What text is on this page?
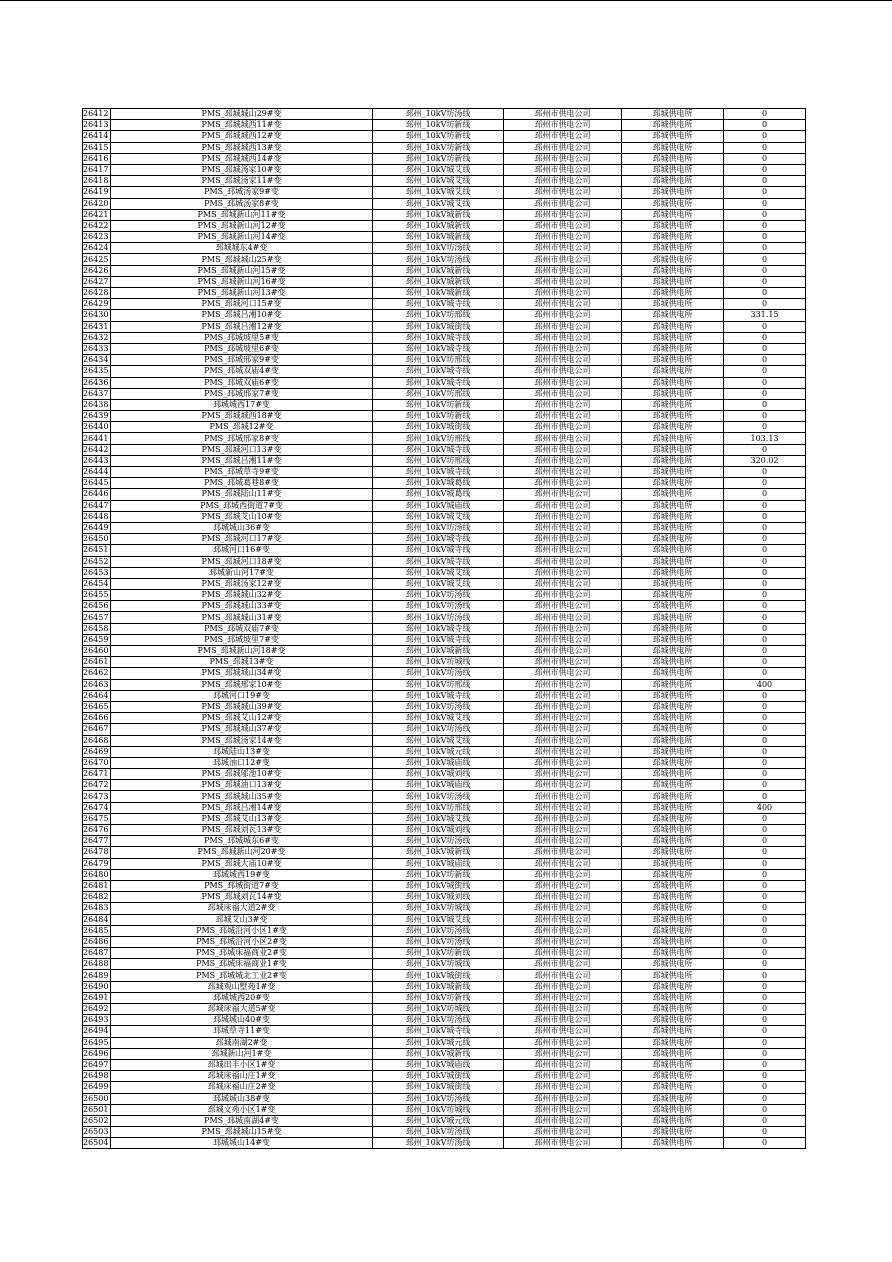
26412	PMS_邳城城山29#变	邳州_10kV坊汤线	邳州市供电公司	邳城供电所	0
26413	PMS_邳城城西11#变	邳州_10kV坊新线	邳州市供电公司	邳城供电所	0
26414	PMS_邳城城西12#变	邳州_10kV坊新线	邳州市供电公司	邳城供电所	0
26415	PMS_邳城城西13#变	邳州_10kV坊新线	邳州市供电公司	邳城供电所	0
26416	PMS_邳城城西14#变	邳州_10kV坊新线	邳州市供电公司	邳城供电所	0
26417	PMS_邳城汤家10#变	邳州_10kV城艾线	邳州市供电公司	邳城供电所	0
26418	PMS_邳城汤家11#变	邳州_10kV城艾线	邳州市供电公司	邳城供电所	0
26419	PMS_邳城汤家9#变	邳州_10kV城艾线	邳州市供电公司	邳城供电所	0
26420	PMS_邳城汤家8#变	邳州_10kV城艾线	邳州市供电公司	邳城供电所	0
26421	PMS_邳城新山河11#变	邳州_10kV城新线	邳州市供电公司	邳城供电所	0
26422	PMS_邳城新山河12#变	邳州_10kV城新线	邳州市供电公司	邳城供电所	0
26423	PMS_邳城新山河14#变	邳州_10kV城新线	邳州市供电公司	邳城供电所	0
26424	邳城城东4#变	邳州_10kV坊汤线	邳州市供电公司	邳城供电所	0
26425	PMS_邳城城山25#变	邳州_10kV坊汤线	邳州市供电公司	邳城供电所	0
26426	PMS_邳城新山河15#变	邳州_10kV城新线	邳州市供电公司	邳城供电所	0
26427	PMS_邳城新山河16#变	邳州_10kV城新线	邳州市供电公司	邳城供电所	0
26428	PMS_邳城新山河13#变	邳州_10kV城新线	邳州市供电公司	邳城供电所	0
26429	PMS_邳城河口15#变	邳州_10kV城寺线	邳州市供电公司	邳城供电所	0
26430	PMS_邳城吕湘10#变	邳州_10kV坊邢线	邳州市供电公司	邳城供电所	331.15
26431	PMS_邳城吕湘12#变	邳州_10kV城街线	邳州市供电公司	邳城供电所	0
26432	PMS_邳城坡里5#变	邳州_10kV城寺线	邳州市供电公司	邳城供电所	0
26433	PMS_邳城坡里6#变	邳州_10kV城寺线	邳州市供电公司	邳城供电所	0
26434	PMS_邳城邢家9#变	邳州_10kV坊邢线	邳州市供电公司	邳城供电所	0
26435	PMS_邳城双庙4#变	邳州_10kV城寺线	邳州市供电公司	邳城供电所	0
26436	PMS_邳城双庙6#变	邳州_10kV城寺线	邳州市供电公司	邳城供电所	0
26437	PMS_邳城邢家7#变	邳州_10kV坊邢线	邳州市供电公司	邳城供电所	0
26438	邳城城西17#变	邳州_10kV坊新线	邳州市供电公司	邳城供电所	0
26439	PMS_邳城城西18#变	邳州_10kV坊新线	邳州市供电公司	邳城供电所	0
26440	PMS_邳城12#变	邳州_10kV城街线	邳州市供电公司	邳城供电所	0
26441	PMS_邳城邢家8#变	邳州_10kV坊邢线	邳州市供电公司	邳城供电所	103.13
26442	PMS_邳城河口13#变	邳州_10kV城寺线	邳州市供电公司	邳城供电所	0
26443	PMS_邳城吕湘11#变	邳州_10kV坊邢线	邳州市供电公司	邳城供电所	320.02
26444	PMS_邳城草寺9#变	邳州_10kV城寺线	邳州市供电公司	邳城供电所	0
26445	PMS_邳城葛巷8#变	邳州_10kV城葛线	邳州市供电公司	邳城供电所	0
26446	PMS_邳城陆山11#变	邳州_10kV城葛线	邳州市供电公司	邳城供电所	0
26447	PMS_邳城西街道7#变	邳州_10kV城庙线	邳州市供电公司	邳城供电所	0
26448	PMS_邳城艾山10#变	邳州_10kV城艾线	邳州市供电公司	邳城供电所	0
26449	邳城城山36#变	邳州_10kV坊汤线	邳州市供电公司	邳城供电所	0
26450	PMS_邳城河口17#变	邳州_10kV城寺线	邳州市供电公司	邳城供电所	0
26451	邳城河口16#变	邳州_10kV城寺线	邳州市供电公司	邳城供电所	0
26452	PMS_邳城河口18#变	邳州_10kV城寺线	邳州市供电公司	邳城供电所	0
26453	邳城新山河17#变	邳州_10kV城艾线	邳州市供电公司	邳城供电所	0
26454	PMS_邳城汤家12#变	邳州_10kV城艾线	邳州市供电公司	邳城供电所	0
26455	PMS_邳城城山32#变	邳州_10kV坊汤线	邳州市供电公司	邳城供电所	0
26456	PMS_邳城城山33#变	邳州_10kV坊汤线	邳州市供电公司	邳城供电所	0
26457	PMS_邳城城山31#变	邳州_10kV坊汤线	邳州市供电公司	邳城供电所	0
26458	PMS_邳城双庙7#变	邳州_10kV城寺线	邳州市供电公司	邳城供电所	0
26459	PMS_邳城坡里7#变	邳州_10kV城寺线	邳州市供电公司	邳城供电所	0
26460	PMS_邳城新山河18#变	邳州_10kV城新线	邳州市供电公司	邳城供电所	0
26461	PMS_邳城13#变	邳州_10kV坊城线	邳州市供电公司	邳城供电所	0
26462	PMS_邳城城山34#变	邳州_10kV坊汤线	邳州市供电公司	邳城供电所	0
26463	PMS_邳城邢家10#变	邳州_10kV坊邢线	邳州市供电公司	邳城供电所	400
26464	邳城河口19#变	邳州_10kV城寺线	邳州市供电公司	邳城供电所	0
26465	PMS_邳城城山39#变	邳州_10kV坊汤线	邳州市供电公司	邳城供电所	0
26466	PMS_邳城艾山12#变	邳州_10kV城艾线	邳州市供电公司	邳城供电所	0
26467	PMS_邳城城山37#变	邳州_10kV坊汤线	邳州市供电公司	邳城供电所	0
26468	PMS_邳城汤家14#变	邳州_10kV城艾线	邳州市供电公司	邳城供电所	0
26469	邳城陆山13#变	邳州_10kV城元线	邳州市供电公司	邳城供电所	0
26470	邳城油口12#变	邳州_10kV城庙线	邳州市供电公司	邳城供电所	0
26471	PMS_邳城邬池10#变	邳州_10kV城刘线	邳州市供电公司	邳城供电所	0
26472	PMS_邳城油口13#变	邳州_10kV城庙线	邳州市供电公司	邳城供电所	0
26473	PMS_邳城城山35#变	邳州_10kV坊汤线	邳州市供电公司	邳城供电所	0
26474	PMS_邳城吕湘14#变	邳州_10kV坊邢线	邳州市供电公司	邳城供电所	400
26475	PMS_邳城艾山13#变	邳州_10kV城艾线	邳州市供电公司	邳城供电所	0
26476	PMS_邳城刘瓦13#变	邳州_10kV城刘线	邳州市供电公司	邳城供电所	0
26477	PMS_邳城城东6#变	邳州_10kV坊汤线	邳州市供电公司	邳城供电所	0
26478	PMS_邳城新山河20#变	邳州_10kV城新线	邳州市供电公司	邳城供电所	0
26479	PMS_邳城大庙10#变	邳州_10kV城庙线	邳州市供电公司	邳城供电所	0
26480	邳城城西19#变	邳州_10kV坊新线	邳州市供电公司	邳城供电所	0
26481	PMS_邳城街道7#变	邳州_10kV城街线	邳州市供电公司	邳城供电所	0
26482	PMS_邳城刘瓦14#变	邳州_10kV城刘线	邳州市供电公司	邳城供电所	0
26483	邳城床福大道2#变	邳州_10kV坊城线	邳州市供电公司	邳城供电所	0
26484	邳城艾山3#变	邳州_10kV城艾线	邳州市供电公司	邳城供电所	0
26485	PMS_邳城沿河小区1#变	邳州_10kV坊汤线	邳州市供电公司	邳城供电所	0
26486	PMS_邳城沿河小区2#变	邳州_10kV坊汤线	邳州市供电公司	邳城供电所	0
26487	PMS_邳城床福商业2#变	邳州_10kV坊新线	邳州市供电公司	邳城供电所	0
26488	PMS_邳城床福商业1#变	邳州_10kV坊城线	邳州市供电公司	邳城供电所	0
26489	PMS_邳城城北工业2#变	邳州_10kV城街线	邳州市供电公司	邳城供电所	0
26490	邳城观山墅苑1#变	邳州_10kV城新线	邳州市供电公司	邳城供电所	0
26491	邳城城西20#变	邳州_10kV坊新线	邳州市供电公司	邳城供电所	0
26492	邳城床福大道5#变	邳州_10kV坊城线	邳州市供电公司	邳城供电所	0
26493	邳城城山40#变	邳州_10kV坊汤线	邳州市供电公司	邳城供电所	0
26494	邳城草寺11#变	邳州_10kV城寺线	邳州市供电公司	邳城供电所	0
26495	邳城南湖2#变	邳州_10kV城元线	邳州市供电公司	邳城供电所	0
26496	邳城新山河1#变	邳州_10kV城新线	邳州市供电公司	邳城供电所	0
26497	邳城田丰小区1#变	邳州_10kV城庙线	邳州市供电公司	邳城供电所	0
26498	邳城床福山庄1#变	邳州_10kV城街线	邳州市供电公司	邳城供电所	0
26499	邳城床福山庄2#变	邳州_10kV城街线	邳州市供电公司	邳城供电所	0
26500	邳城城山38#变	邳州_10kV坊汤线	邳州市供电公司	邳城供电所	0
26501	邳城文苑小区1#变	邳州_10kV坊城线	邳州市供电公司	邳城供电所	0
26502	PMS_邳城南湖4#变	邳州_10kV城元线	邳州市供电公司	邳城供电所	0
26503	PMS_邳城城山15#变	邳州_10kV坊汤线	邳州市供电公司	邳城供电所	0
26504	邳城城山14#变	邳州_10kV坊汤线	邳州市供电公司	邳城供电所	0
